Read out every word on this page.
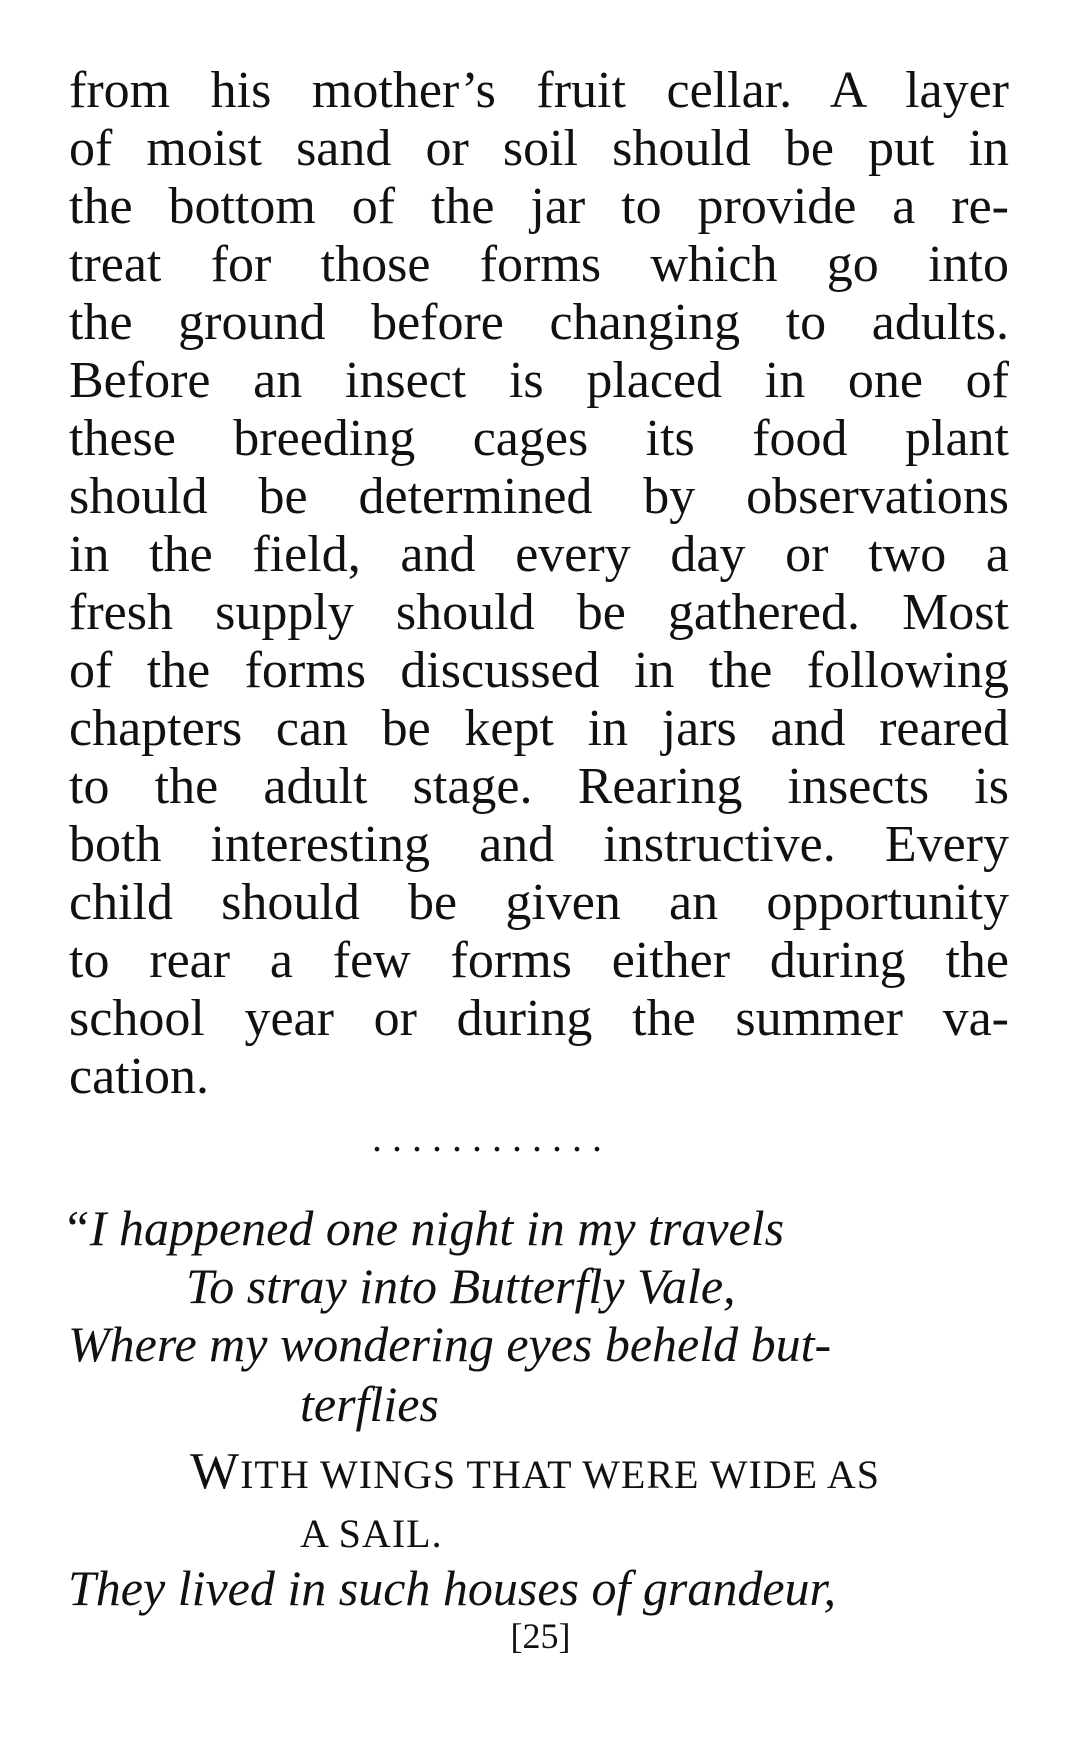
from his mother’s fruit cellar. A layer
of moist sand or soil should be put in
the bottom of the jar to provide a re-
treat for those forms which go into
the ground before changing to adults.
Before an insect is placed in one of
these breeding cages its food plant
should be determined by observations
in the field, and every day or two a
fresh supply should be gathered. Most
of the forms discussed in the following
chapters can be kept in jars and reared
to the adult stage. Rearing insects is
both interesting and instructive. Every
child should be given an opportunity
to rear a few forms either during the
school year or during the summer va-
cation.
............
“I happened one night in my travels
To stray into Butterfly Vale,
Where my wondering eyes beheld but-
terflies
WITH WINGS THAT WERE WIDE AS
A SAIL.
They lived in such houses of grandeur,
[25]
